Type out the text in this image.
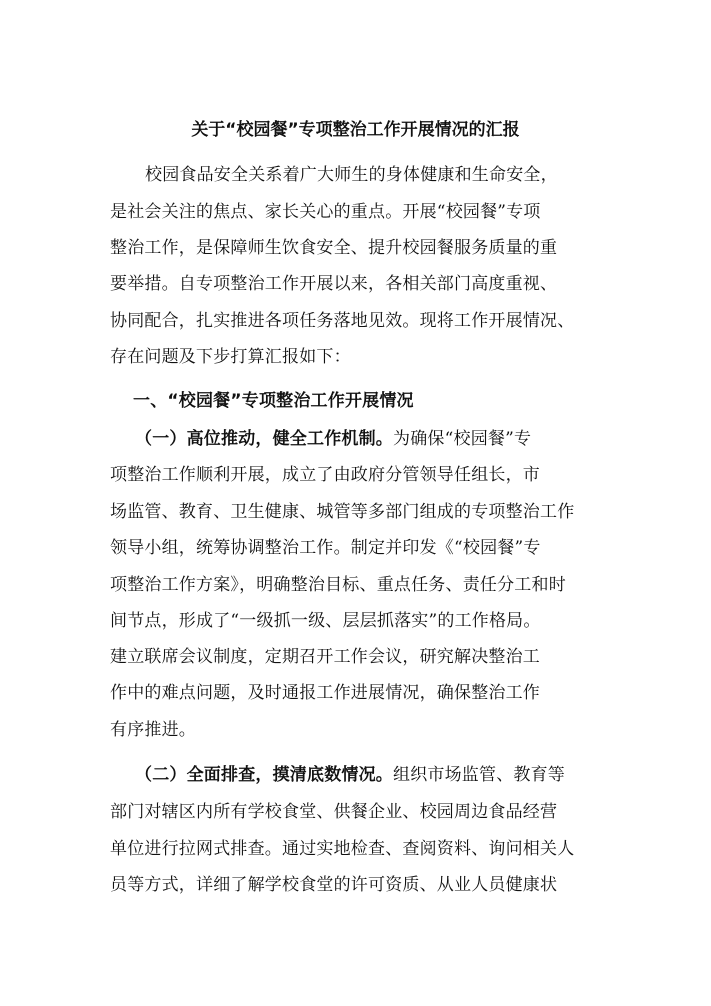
关于“校园餐”专项整治工作开展情况的汇报
校园食品安全关系着广大师生的身体健康和生命安全，
是社会关注的焦点、家长关心的重点。开展“校园餐”专项
整治工作，是保障师生饮食安全、提升校园餐服务质量的重
要举措。自专项整治工作开展以来，各相关部门高度重视、
协同配合，扎实推进各项任务落地见效。现将工作开展情况、
存在问题及下步打算汇报如下：
一、“校园餐”专项整治工作开展情况
（一）高位推动，健全工作机制。为确保“校园餐”专
项整治工作顺利开展，成立了由政府分管领导任组长，市
场监管、教育、卫生健康、城管等多部门组成的专项整治工作
领导小组，统筹协调整治工作。制定并印发《“校园餐”专
项整治工作方案》，明确整治目标、重点任务、责任分工和时
间节点，形成了“一级抓一级、层层抓落实”的工作格局。
建立联席会议制度，定期召开工作会议，研究解决整治工
作中的难点问题，及时通报工作进展情况，确保整治工作
有序推进。
（二）全面排查，摸清底数情况。组织市场监管、教育等
部门对辖区内所有学校食堂、供餐企业、校园周边食品经营
单位进行拉网式排查。通过实地检查、查阅资料、询问相关人
员等方式，详细了解学校食堂的许可资质、从业人员健康状
